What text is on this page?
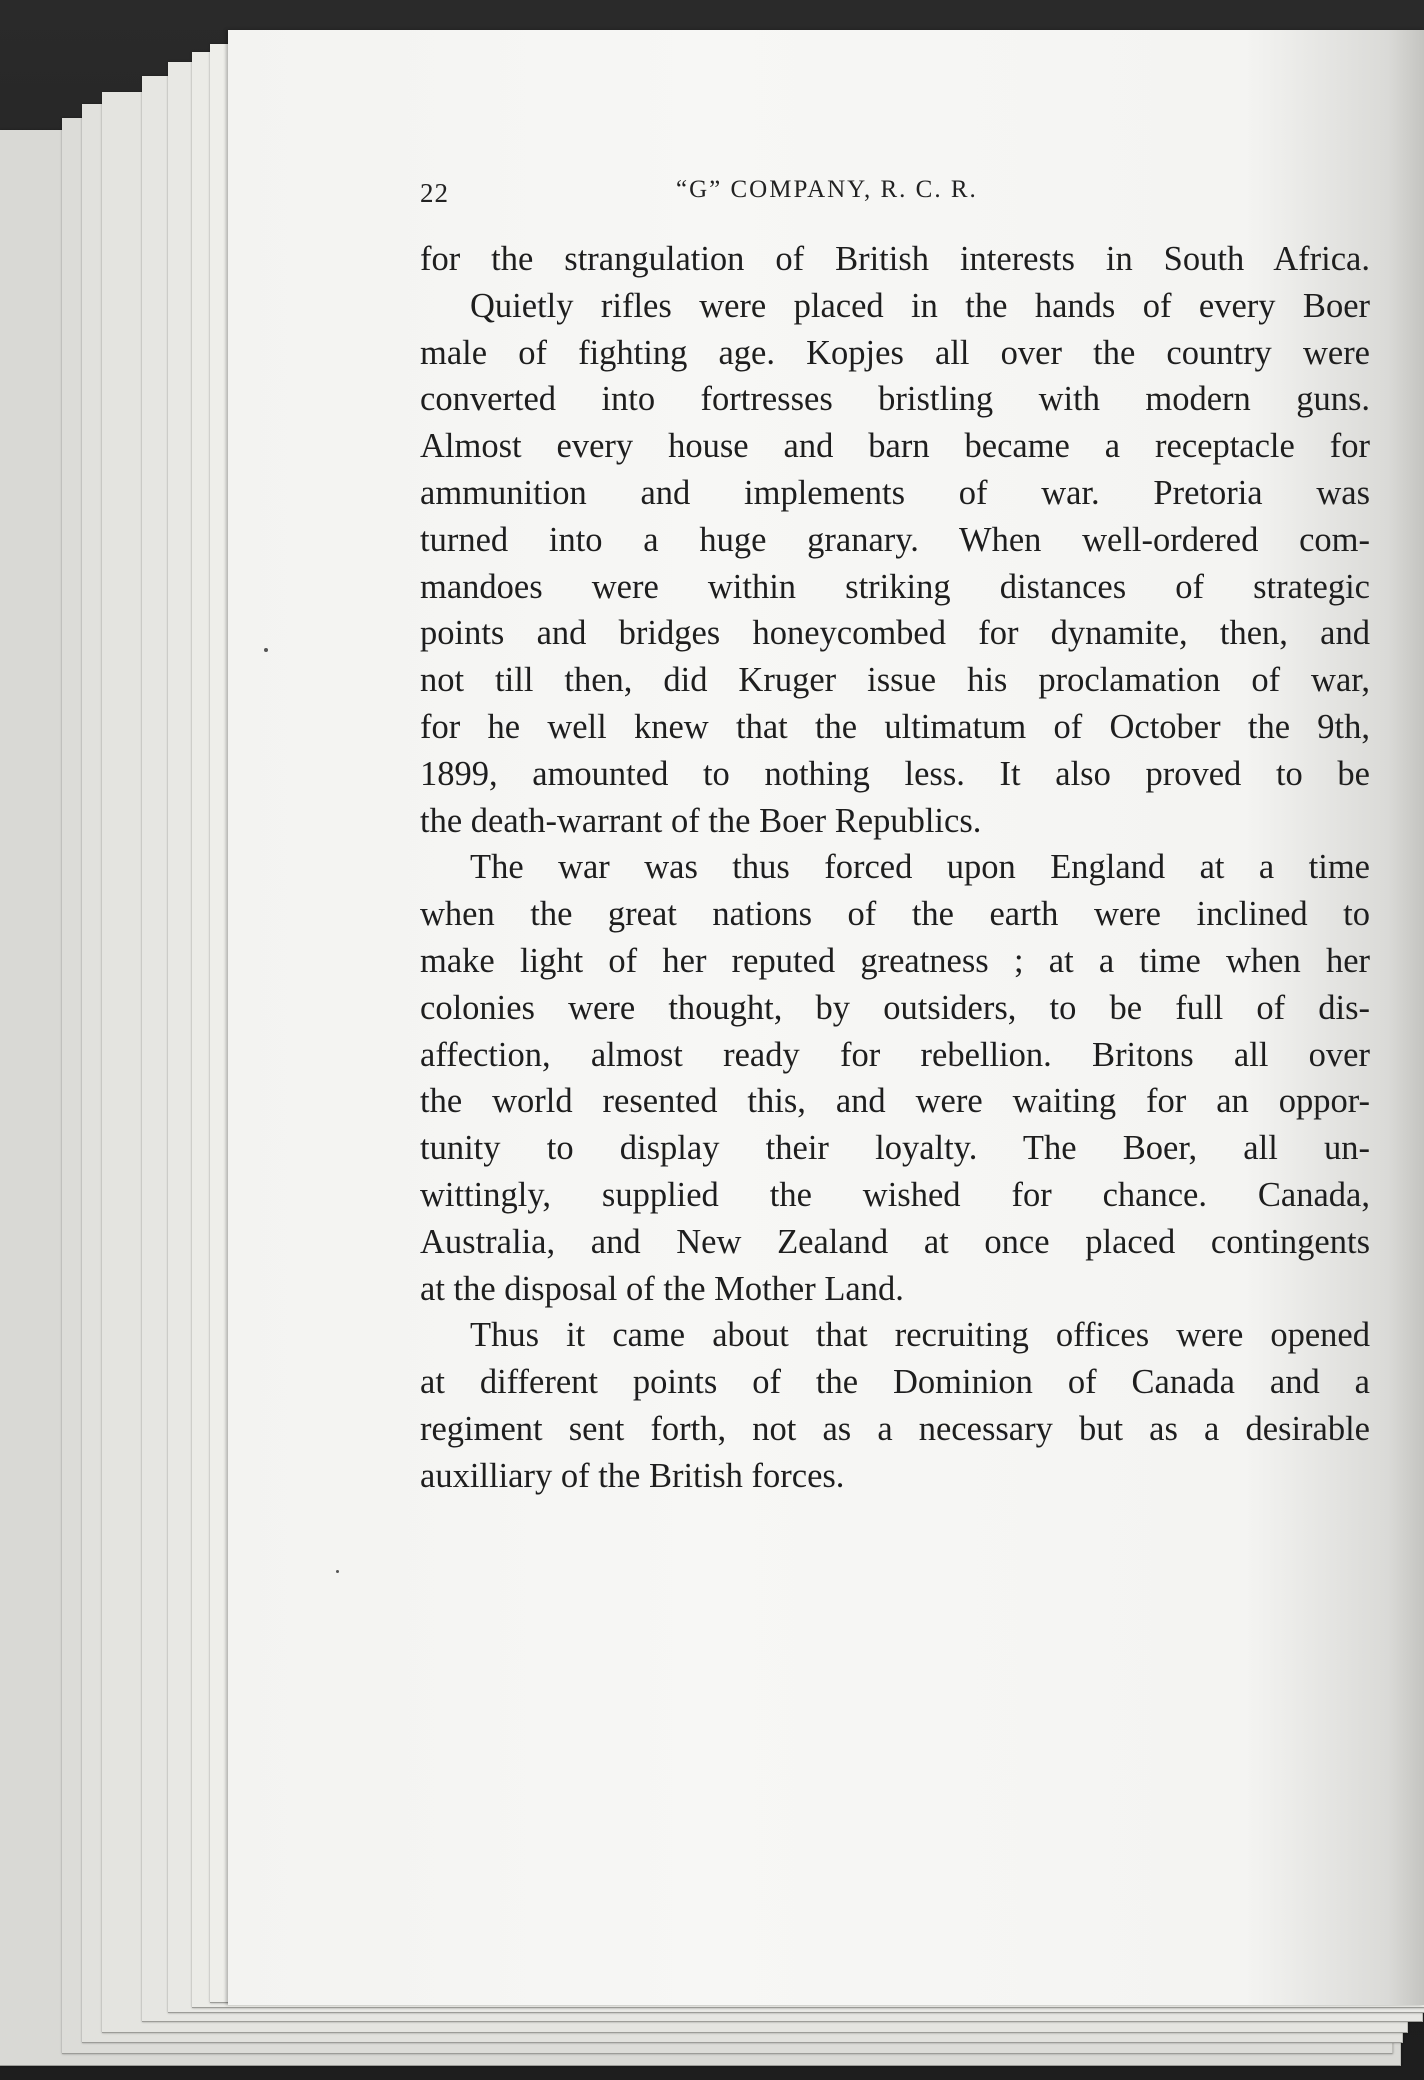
22	“G” COMPANY, R. C. R.
for the strangulation of British interests in South Africa.
Quietly rifles were placed in the hands of every Boer
male of fighting age. Kopjes all over the country were
converted into fortresses bristling with modern guns.
Almost every house and barn became a receptacle for
ammunition and implements of war. Pretoria was
turned into a huge granary. When well-ordered com-
mandoes were within striking distances of strategic
points and bridges honeycombed for dynamite, then, and
not till then, did Kruger issue his proclamation of war,
for he well knew that the ultimatum of October the 9th,
1899, amounted to nothing less. It also proved to be
the death-warrant of the Boer Republics.
The war was thus forced upon England at a time
when the great nations of the earth were inclined to
make light of her reputed greatness ; at a time when her
colonies were thought, by outsiders, to be full of dis-
affection, almost ready for rebellion. Britons all over
the world resented this, and were waiting for an oppor-
tunity to display their loyalty. The Boer, all un-
wittingly, supplied the wished for chance. Canada,
Australia, and New Zealand at once placed contingents
at the disposal of the Mother Land.
Thus it came about that recruiting offices were opened
at different points of the Dominion of Canada and a
regiment sent forth, not as a necessary but as a desirable
auxilliary of the British forces.
